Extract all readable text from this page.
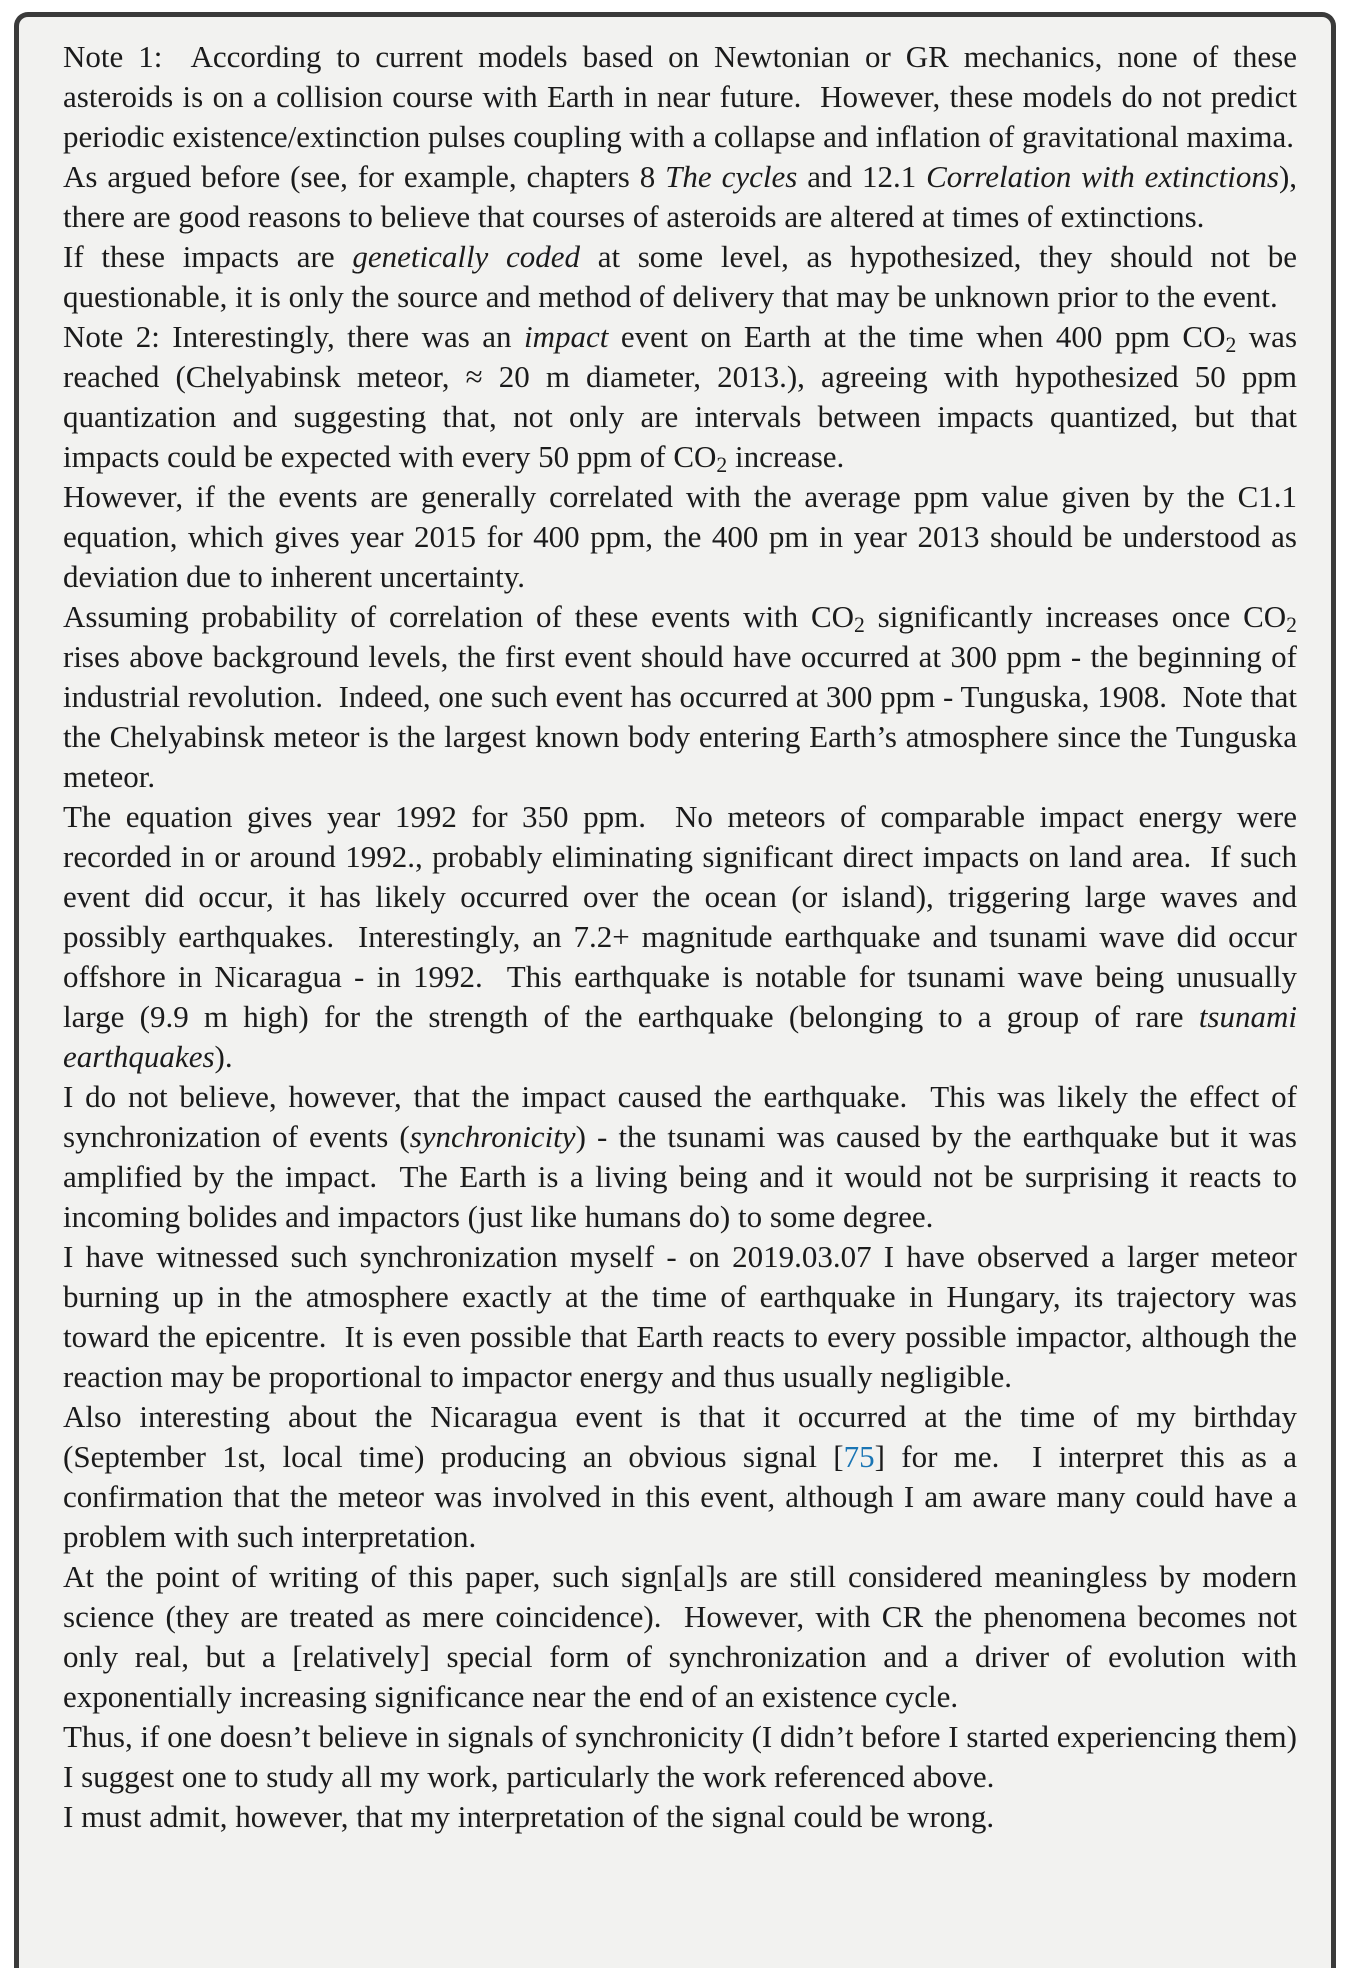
Note 1:  According to current models based on Newtonian or GR mechanics, none of these asteroids is on a collision course with Earth in near future.  However, these models do not predict periodic existence/extinction pulses coupling with a collapse and inflation of gravitational maxima.

As argued before (see, for example, chapters 8 The cycles and 12.1 Correlation with extinctions), there are good reasons to believe that courses of asteroids are altered at times of extinctions.

If these impacts are genetically coded at some level, as hypothesized, they should not be questionable, it is only the source and method of delivery that may be unknown prior to the event.

Note 2: Interestingly, there was an impact event on Earth at the time when 400 ppm $CO_2$ was reached (Chelyabinsk meteor, ≈ 20 m diameter, 2013.), agreeing with hypothesized 50 ppm quantization and suggesting that, not only are intervals between impacts quantized, but that impacts could be expected with every 50 ppm of $CO_2$ increase.

However, if the events are generally correlated with the average ppm value given by the C1.1 equation, which gives year 2015 for 400 ppm, the 400 pm in year 2013 should be understood as deviation due to inherent uncertainty.

Assuming probability of correlation of these events with $CO_2$ significantly increases once $CO_2$ rises above background levels, the first event should have occurred at 300 ppm - the beginning of industrial revolution.  Indeed, one such event has occurred at 300 ppm - Tunguska, 1908.  Note that the Chelyabinsk meteor is the largest known body entering Earth’s atmosphere since the Tunguska meteor.

The equation gives year 1992 for 350 ppm.  No meteors of comparable impact energy were recorded in or around 1992., probably eliminating significant direct impacts on land area.  If such event did occur, it has likely occurred over the ocean (or island), triggering large waves and possibly earthquakes.  Interestingly, an 7.2+ magnitude earthquake and tsunami wave did occur offshore in Nicaragua - in 1992.  This earthquake is notable for tsunami wave being unusually large (9.9 m high) for the strength of the earthquake (belonging to a group of rare tsunami earthquakes).

I do not believe, however, that the impact caused the earthquake.  This was likely the effect of synchronization of events (synchronicity) - the tsunami was caused by the earthquake but it was amplified by the impact.  The Earth is a living being and it would not be surprising it reacts to incoming bolides and impactors (just like humans do) to some degree.

I have witnessed such synchronization myself - on 2019.03.07 I have observed a larger meteor burning up in the atmosphere exactly at the time of earthquake in Hungary, its trajectory was toward the epicentre.  It is even possible that Earth reacts to every possible impactor, although the reaction may be proportional to impactor energy and thus usually negligible.

Also interesting about the Nicaragua event is that it occurred at the time of my birthday (September 1st, local time) producing an obvious signal [75] for me.  I interpret this as a confirmation that the meteor was involved in this event, although I am aware many could have a problem with such interpretation.

At the point of writing of this paper, such sign[al]s are still considered meaningless by modern science (they are treated as mere coincidence).  However, with CR the phenomena becomes not only real, but a [relatively] special form of synchronization and a driver of evolution with exponentially increasing significance near the end of an existence cycle.

Thus, if one doesn’t believe in signals of synchronicity (I didn’t before I started experiencing them) I suggest one to study all my work, particularly the work referenced above.

I must admit, however, that my interpretation of the signal could be wrong.
